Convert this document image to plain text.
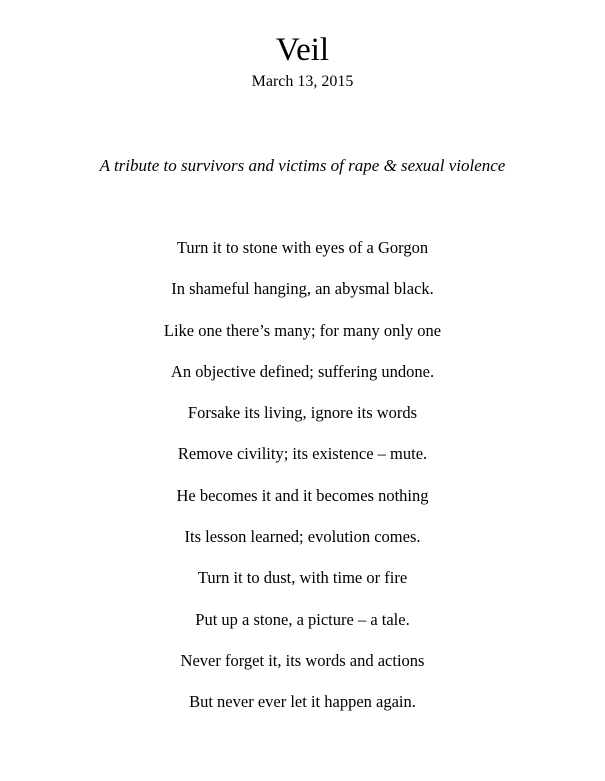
Veil
March 13, 2015
A tribute to survivors and victims of rape & sexual violence
Turn it to stone with eyes of a Gorgon
In shameful hanging, an abysmal black.
Like one there’s many; for many only one
An objective defined; suffering undone.
Forsake its living, ignore its words
Remove civility; its existence – mute.
He becomes it and it becomes nothing
Its lesson learned; evolution comes.
Turn it to dust, with time or fire
Put up a stone, a picture – a tale.
Never forget it, its words and actions
But never ever let it happen again.
